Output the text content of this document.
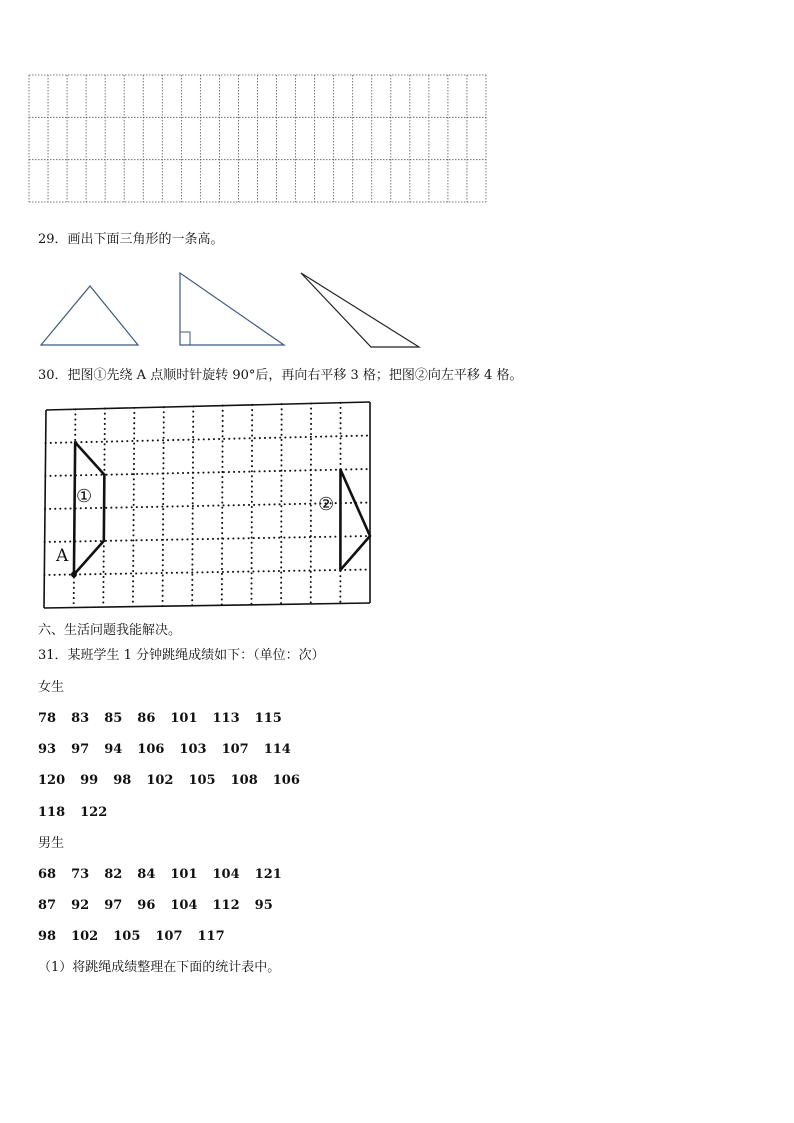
29．画出下面三角形的一条高。
30．把图①先绕 A 点顺时针旋转 90°后，再向右平移 3 格；把图②向左平移 4 格。
A
①	②
六、生活问题我能解决。
31．某班学生 1 分钟跳绳成绩如下：（单位：次）
女生
78 83 85 86 101 113 115
93 97 94 106 103 107 114
120 99 98 102 105 108 106
118 122
男生
68 73 82 84 101 104 121
87 92 97 96 104 112 95
98 102 105 107 117
（1）将跳绳成绩整理在下面的统计表中。
